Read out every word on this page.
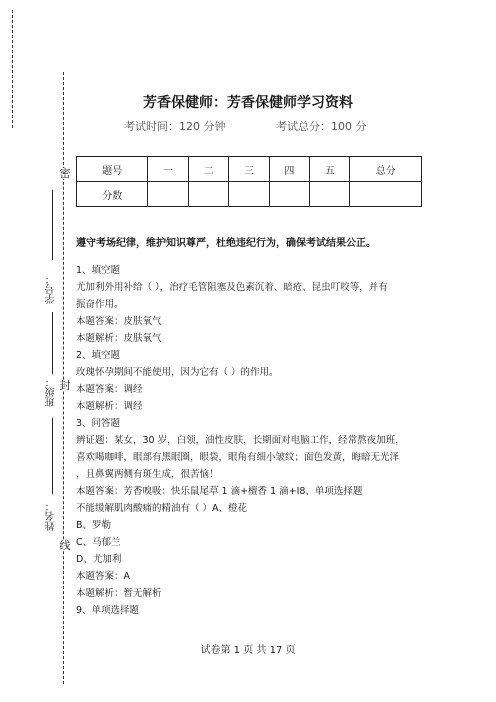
密
封
线
学号：
班级：
姓名：
芳香保健师：芳香保健师学习资料
考试时间：120 分钟	考试总分：100 分
题号	一	二	三	四	五	总分
分数						
遵守考场纪律，维护知识尊严，杜绝违纪行为，确保考试结果公正。
1、填空题
尤加利外用补给（ ），治疗毛管阻塞及色素沉着、暗疮、昆虫叮咬等，并有
振奋作用。
本题答案：皮肤氧气
本题解析：皮肤氧气
2、填空题
玫瑰怀孕期间不能使用，因为它有（ ）的作用。
本题答案：调经
本题解析：调经
3、问答题
辨证题：某女，30 岁，白领，油性皮肤，长期面对电脑工作，经常熬夜加班，
喜欢喝咖啡，眼部有黑眼圈，眼袋，眼角有细小皱纹；面色发黄，晦暗无光泽
，且鼻翼两侧有斑生成，很苦恼！
本题答案：芳香嗅吸：快乐鼠尾草 1 滴+檀香 1 滴+I8、单项选择题
不能缓解肌肉酸痛的精油有（ ）A、橙花
B、罗勒
C、马郁兰
D、尤加利
本题答案：A
本题解析：暂无解析
9、单项选择题
试卷第 1 页 共 17 页
